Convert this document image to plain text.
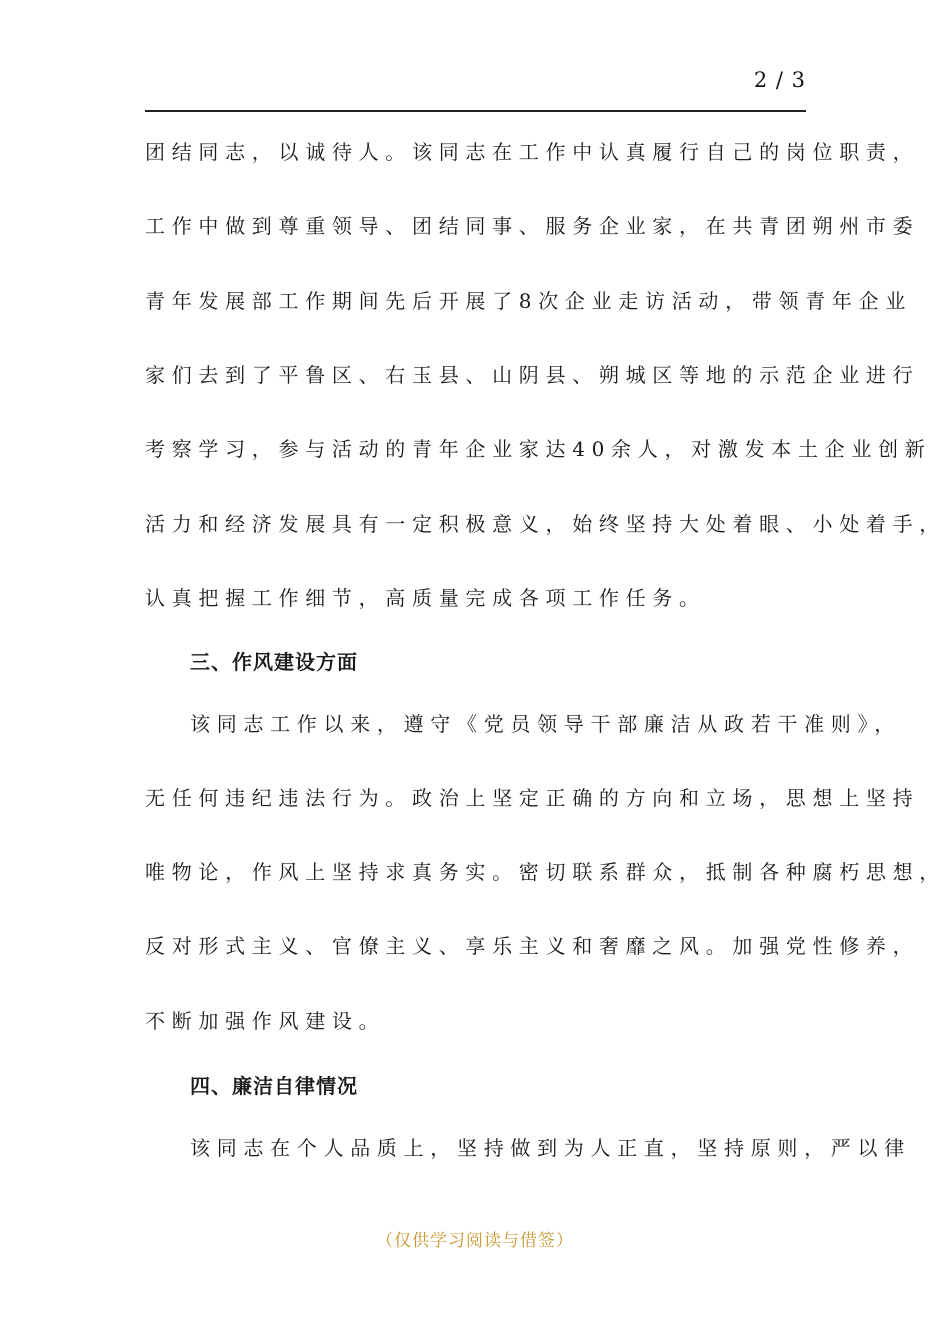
2 / 3
团结同志，以诚待人。该同志在工作中认真履行自己的岗位职责，
工作中做到尊重领导、团结同事、服务企业家，在共青团朔州市委
青年发展部工作期间先后开展了8次企业走访活动，带领青年企业
家们去到了平鲁区、右玉县、山阴县、朔城区等地的示范企业进行
考察学习，参与活动的青年企业家达40余人，对激发本土企业创新
活力和经济发展具有一定积极意义，始终坚持大处着眼、小处着手，
认真把握工作细节，高质量完成各项工作任务。
三、作风建设方面
该同志工作以来，遵守《党员领导干部廉洁从政若干准则》，
无任何违纪违法行为。政治上坚定正确的方向和立场，思想上坚持
唯物论，作风上坚持求真务实。密切联系群众，抵制各种腐朽思想，
反对形式主义、官僚主义、享乐主义和奢靡之风。加强党性修养，
不断加强作风建设。
四、廉洁自律情况
该同志在个人品质上，坚持做到为人正直，坚持原则，严以律
（仅供学习阅读与借签）
